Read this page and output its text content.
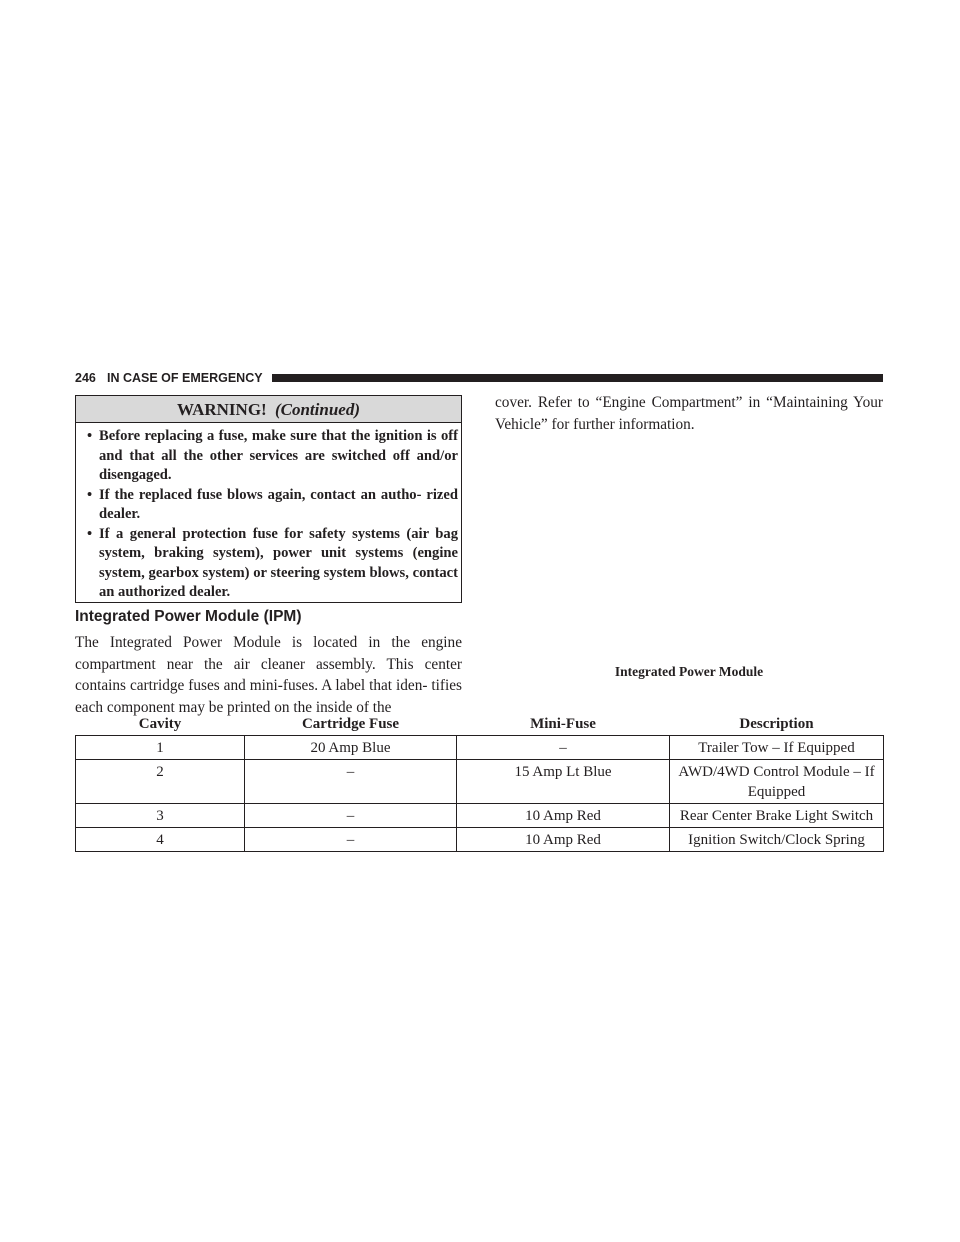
246 IN CASE OF EMERGENCY
WARNING! (Continued)
• Before replacing a fuse, make sure that the ignition is off and that all the other services are switched off and/or disengaged.
• If the replaced fuse blows again, contact an autho- rized dealer.
• If a general protection fuse for safety systems (air bag system, braking system), power unit systems (engine system, gearbox system) or steering system blows, contact an authorized dealer.
Integrated Power Module (IPM)

The Integrated Power Module is located in the engine compartment near the air cleaner assembly. This center contains cartridge fuses and mini-fuses. A label that iden- tifies each component may be printed on the inside of the

cover. Refer to “Engine Compartment” in “Maintaining Your Vehicle” for further information.

Integrated Power Module
Cavity	Cartridge Fuse	Mini-Fuse	Description
1	20 Amp Blue	–	Trailer Tow – If Equipped
2	–	15 Amp Lt Blue	AWD/4WD Control Module – If Equipped
3	–	10 Amp Red	Rear Center Brake Light Switch
4	–	10 Amp Red	Ignition Switch/Clock Spring
